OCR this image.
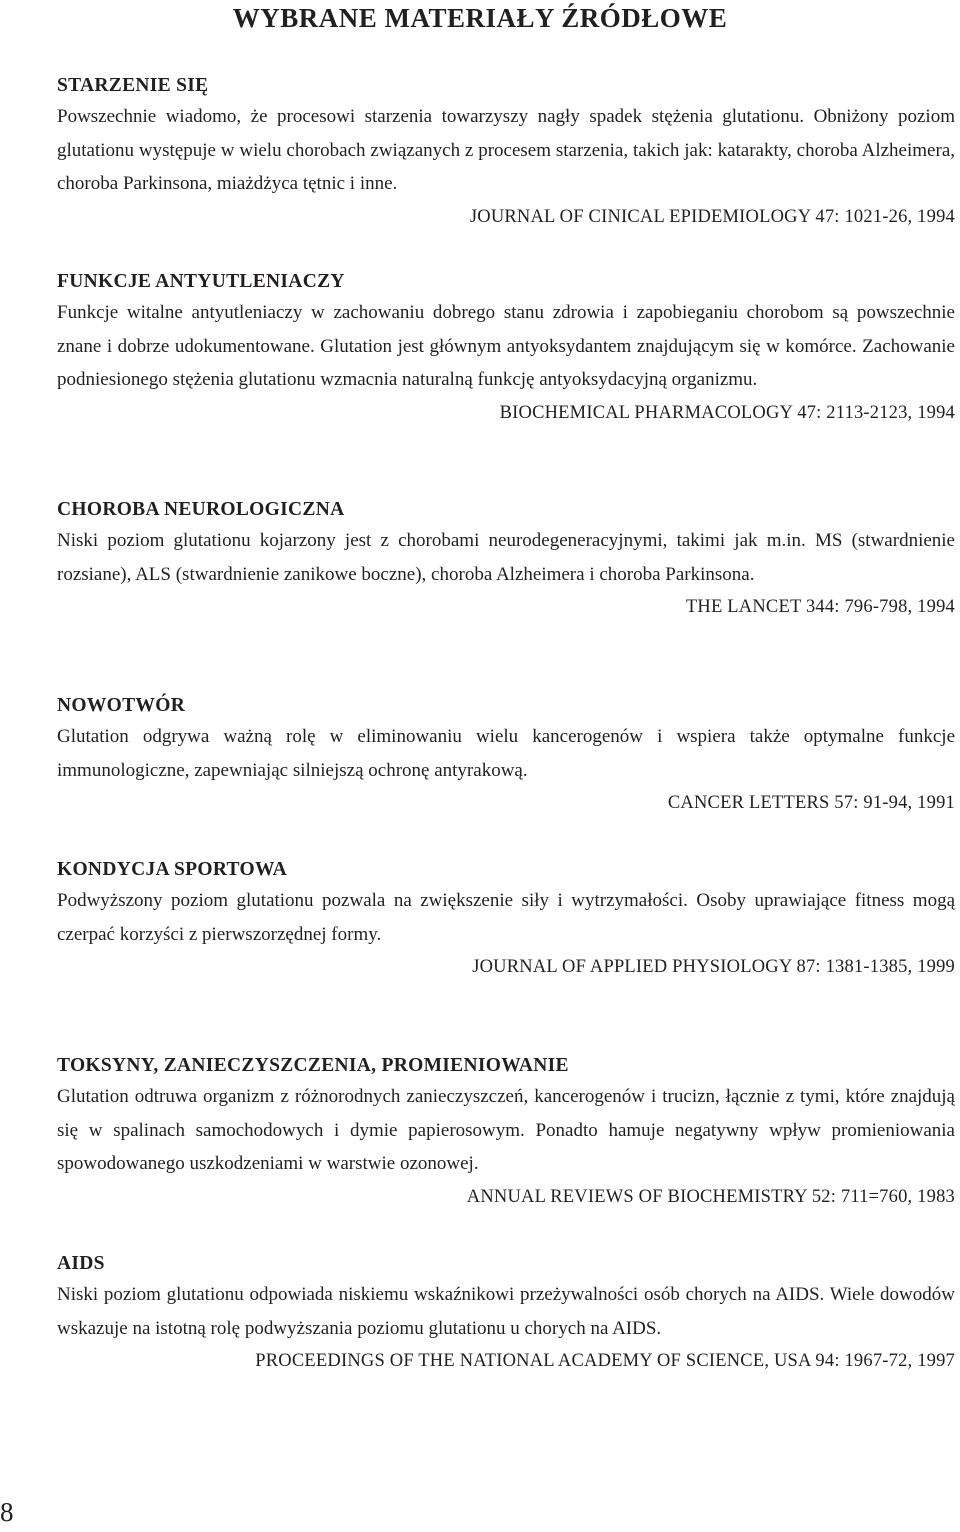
WYBRANE MATERIAŁY ŹRÓDŁOWE
STARZENIE SIĘ

Powszechnie wiadomo, że procesowi starzenia towarzyszy nagły spadek stężenia glutationu. Obniżony poziom glutationu występuje w wielu chorobach związanych z procesem starzenia, takich jak: katarakty, choroba Alzheimera, choroba Parkinsona, miażdżyca tętnic i inne.

JOURNAL OF CINICAL EPIDEMIOLOGY 47: 1021-26, 1994
FUNKCJE ANTYUTLENIACZY

Funkcje witalne antyutleniaczy w zachowaniu dobrego stanu zdrowia i zapobieganiu chorobom są powszechnie znane i dobrze udokumentowane. Glutation jest głównym antyoksydantem znajdującym się w komórce. Zachowanie podniesionego stężenia glutationu wzmacnia naturalną funkcję antyoksydacyjną organizmu.

BIOCHEMICAL PHARMACOLOGY 47: 2113-2123, 1994
CHOROBA NEUROLOGICZNA

Niski poziom glutationu kojarzony jest z chorobami neurodegeneracyjnymi, takimi jak m.in. MS (stwardnienie rozsiane), ALS (stwardnienie zanikowe boczne), choroba Alzheimera i choroba Parkinsona.

THE LANCET 344: 796-798, 1994
NOWOTWÓR

Glutation odgrywa ważną rolę w eliminowaniu wielu kancerogenów i wspiera także optymalne funkcje immunologiczne, zapewniając silniejszą ochronę antyrakową.

CANCER LETTERS 57: 91-94, 1991
KONDYCJA SPORTOWA

Podwyższony poziom glutationu pozwala na zwiększenie siły i wytrzymałości. Osoby uprawiające fitness mogą czerpać korzyści z pierwszorzędnej formy.

JOURNAL OF APPLIED PHYSIOLOGY 87: 1381-1385, 1999
TOKSYNY, ZANIECZYSZCZENIA, PROMIENIOWANIE

Glutation odtruwa organizm z różnorodnych zanieczyszczeń, kancerogenów i trucizn, łącznie z tymi, które znajdują się w spalinach samochodowych i dymie papierosowym. Ponadto hamuje negatywny wpływ promieniowania spowodowanego uszkodzeniami w warstwie ozonowej.

ANNUAL REVIEWS OF BIOCHEMISTRY 52: 711=760, 1983
AIDS

Niski poziom glutationu odpowiada niskiemu wskaźnikowi przeżywalności osób chorych na AIDS. Wiele dowodów wskazuje na istotną rolę podwyższania poziomu glutationu u chorych na AIDS.

PROCEEDINGS OF THE NATIONAL ACADEMY OF SCIENCE, USA 94: 1967-72, 1997
8
